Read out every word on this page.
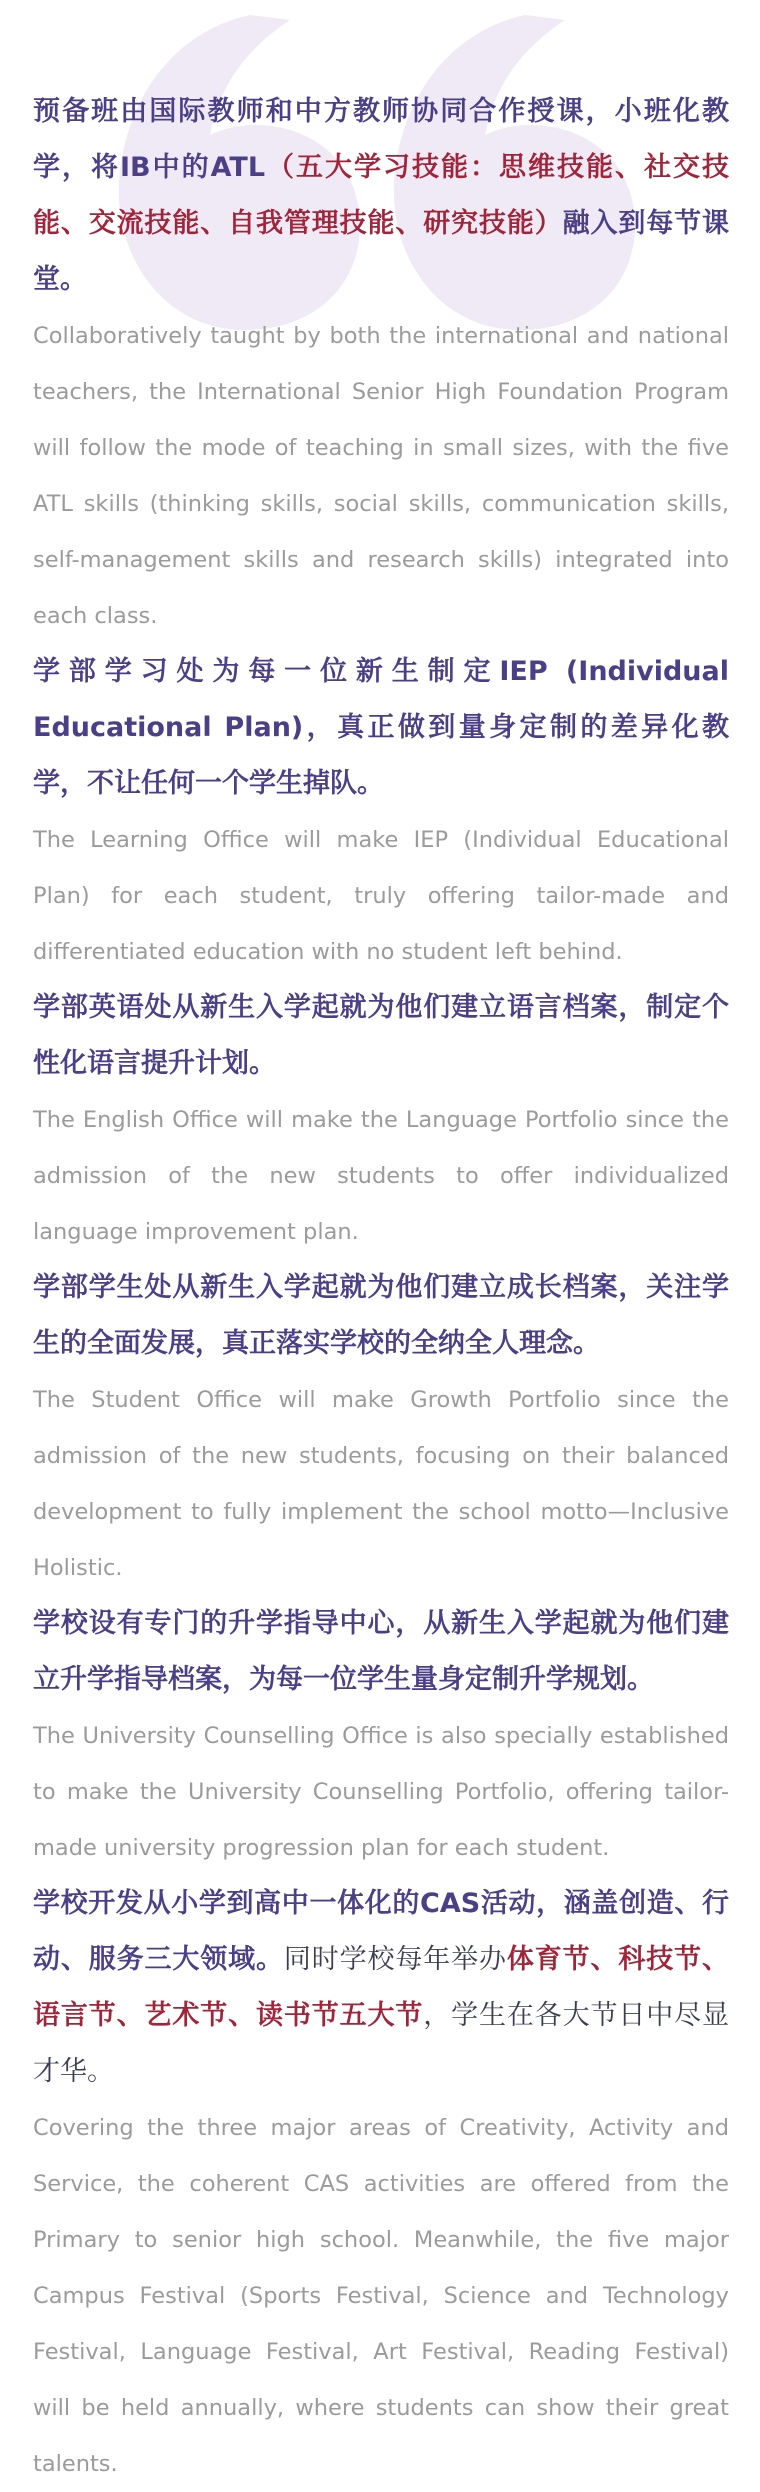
预备班由国际教师和中方教师协同合作授课，小班化教学，将IB中的ATL（五大学习技能：思维技能、社交技能、交流技能、自我管理技能、研究技能）融入到每节课堂。

Collaboratively taught by both the international and national teachers, the International Senior High Foundation Program will follow the mode of teaching in small sizes, with the five ATL skills (thinking skills, social skills, communication skills, self-management skills and research skills) integrated into each class.

学部学习处为每一位新生制定IEP (Individual Educational Plan)，真正做到量身定制的差异化教学，不让任何一个学生掉队。

The Learning Office will make IEP (Individual Educational Plan) for each student, truly offering tailor-made and differentiated education with no student left behind.

学部英语处从新生入学起就为他们建立语言档案，制定个性化语言提升计划。

The English Office will make the Language Portfolio since the admission of the new students to offer individualized language improvement plan.

学部学生处从新生入学起就为他们建立成长档案，关注学生的全面发展，真正落实学校的全纳全人理念。

The Student Office will make Growth Portfolio since the admission of the new students, focusing on their balanced development to fully implement the school motto—Inclusive Holistic.

学校设有专门的升学指导中心，从新生入学起就为他们建立升学指导档案，为每一位学生量身定制升学规划。

The University Counselling Office is also specially established to make the University Counselling Portfolio, offering tailor-made university progression plan for each student.

学校开发从小学到高中一体化的CAS活动，涵盖创造、行动、服务三大领域。同时学校每年举办体育节、科技节、语言节、艺术节、读书节五大节，学生在各大节日中尽显才华。

Covering the three major areas of Creativity, Activity and Service, the coherent CAS activities are offered from the Primary to senior high school. Meanwhile, the five major Campus Festival (Sports Festival, Science and Technology Festival, Language Festival, Art Festival, Reading Festival) will be held annually, where students can show their great talents.
